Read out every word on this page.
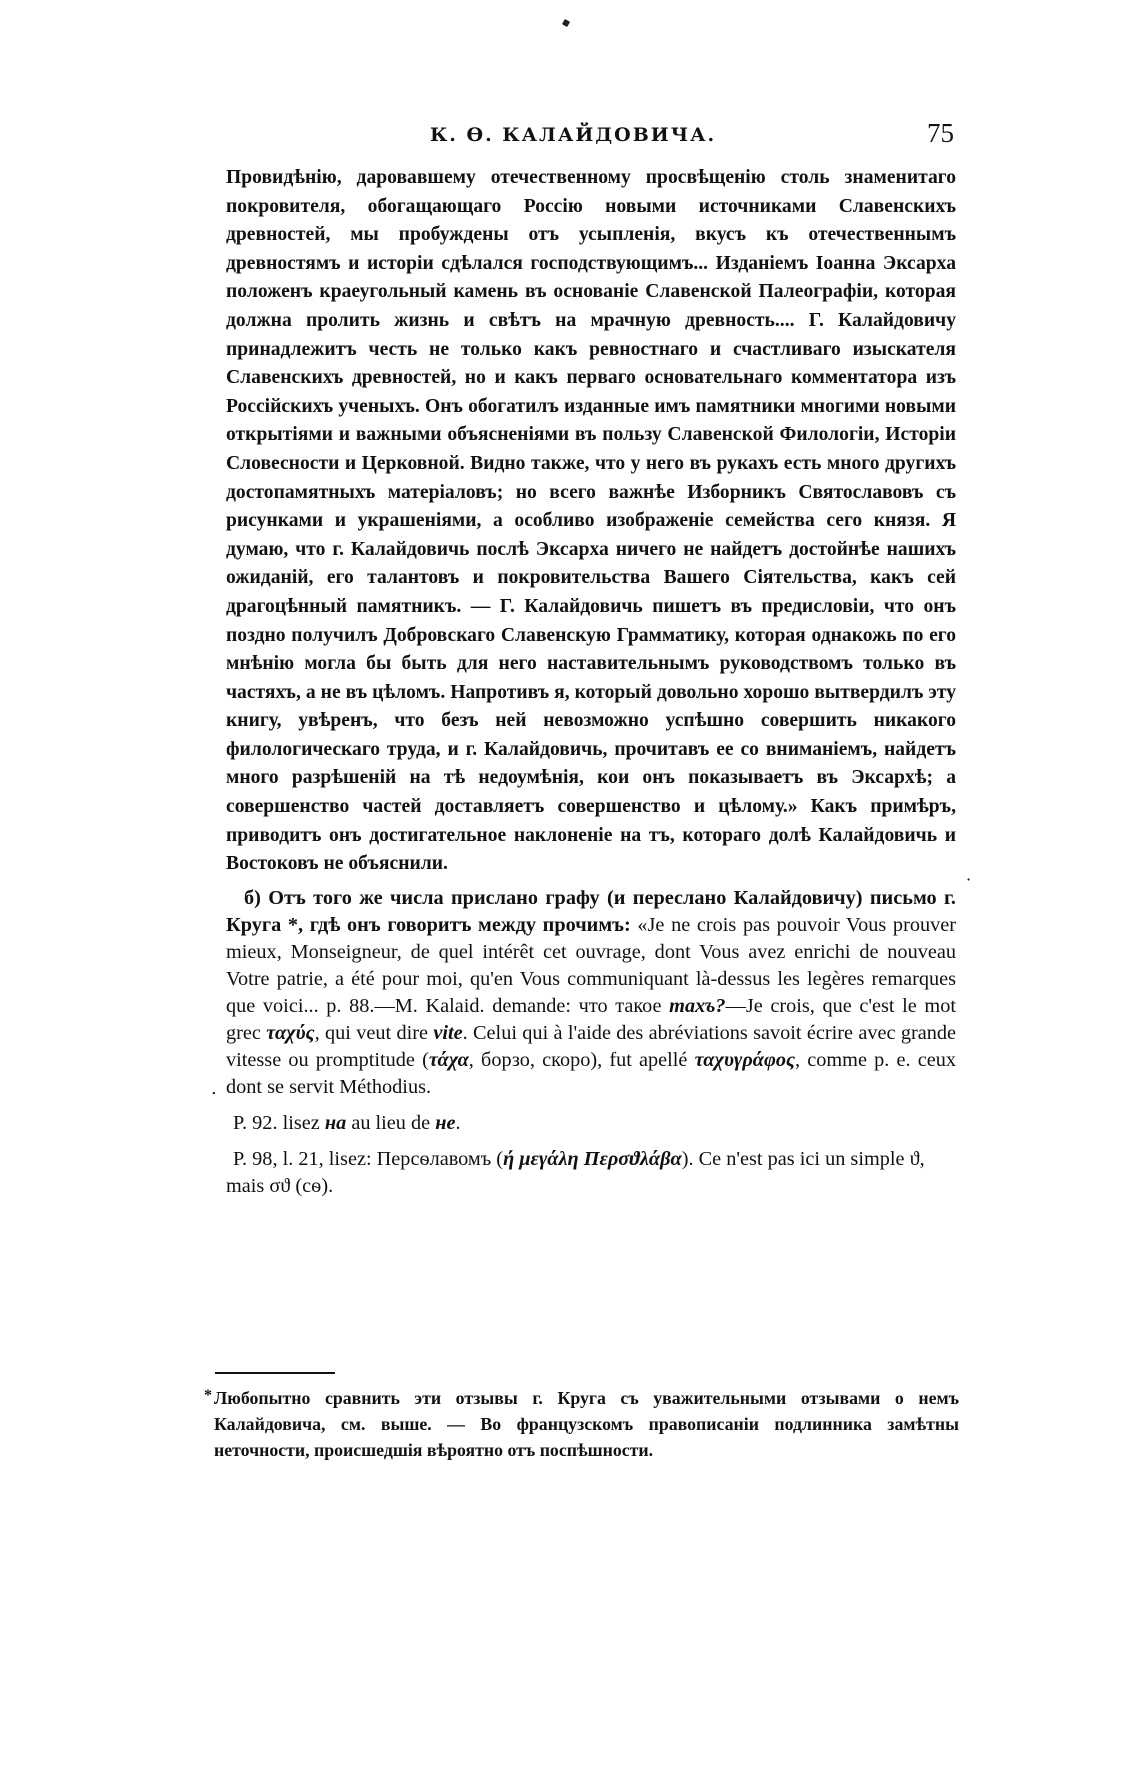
К. Ө. КАЛАЙДОВИЧА.	75

Провидѣнію, даровавшему отечественному просвѣщенію столь знаменитаго покровителя, обогащающаго Россію новыми источниками Славенскихъ древностей, мы пробуждены отъ усыпленія, вкусъ къ отечественнымъ древностямъ и исторіи сдѣлался господствующимъ... Изданіемъ Іоанна Эксарха положенъ краеугольный камень въ основаніе Славенской Палеографіи, которая должна пролить жизнь и свѣтъ на мрачную древность.... Г. Калайдовичу принадлежитъ честь не только какъ ревностнаго и счастливаго изыскателя Славенскихъ древностей, но и какъ перваго основательнаго комментатора изъ Россійскихъ ученыхъ. Онъ обогатилъ изданные имъ памятники многими новыми открытіями и важными объясненіями въ пользу Славенской Филологіи, Исторіи Словесности и Церковной. Видно также, что у него въ рукахъ есть много другихъ достопамятныхъ матеріаловъ; но всего важнѣе Изборникъ Святославовъ съ рисунками и украшеніями, а особливо изображеніе семейства сего князя. Я думаю, что г. Калайдовичь послѣ Эксарха ничего не найдетъ достойнѣе нашихъ ожиданій, его талантовъ и покровительства Вашего Сіятельства, какъ сей драгоцѣнный памятникъ. — Г. Калайдовичь пишетъ въ предисловіи, что онъ поздно получилъ Добровскаго Славенскую Грамматику, которая однакожь по его мнѣнію могла бы быть для него наставительнымъ руководствомъ только въ частяхъ, а не въ цѣломъ. Напротивъ я, который довольно хорошо вытвердилъ эту книгу, увѣренъ, что безъ ней невозможно успѣшно совершить никакого филологическаго труда, и г. Калайдовичь, прочитавъ ее со вниманіемъ, найдетъ много разрѣшеній на тѣ недоумѣнія, кои онъ показываетъ въ Эксархѣ; а совершенство частей доставляетъ совершенство и цѣлому.» Какъ примѣръ, приводитъ онъ достигательное наклоненіе на тъ, котораго долѣ Калайдовичь и Востоковъ не объяснили.

б) Отъ того же числа прислано графу (и переслано Калайдовичу) письмо г. Круга *, гдѣ онъ говоритъ между прочимъ: «Je ne crois pas pouvoir Vous prouver mieux, Monseigneur, de quel intérêt cet ouvrage, dont Vous avez enrichi de nouveau Votre patrie, a été pour moi, qu'en Vous communiquant là-dessus les legères remarques que voici... p. 88.—M. Kalaid. demande: что такое тахъ?—Je crois, que c'est le mot grec ταχύς, qui veut dire vite. Celui qui à l'aide des abréviations savoit écrire avec grande vitesse ou promptitude (τάχα, борзо, скоро), fut apellé ταχυγράφος, comme p. e. ceux dont se servit Méthodius.

P. 92. lisez на au lieu de не.

P. 98, l. 21, lisez: Персѳлавомъ (ή μεγάλη Περσϑλάβα). Ce n'est pas ici un simple ϑ, mais σϑ (сѳ).

.
·

* Любопытно сравнить эти отзывы г. Круга съ уважительными отзывами о немъ Калайдовича, см. выше. — Во французскомъ правописаніи подлинника замѣтны неточности, происшедшія вѣроятно отъ поспѣшности.
